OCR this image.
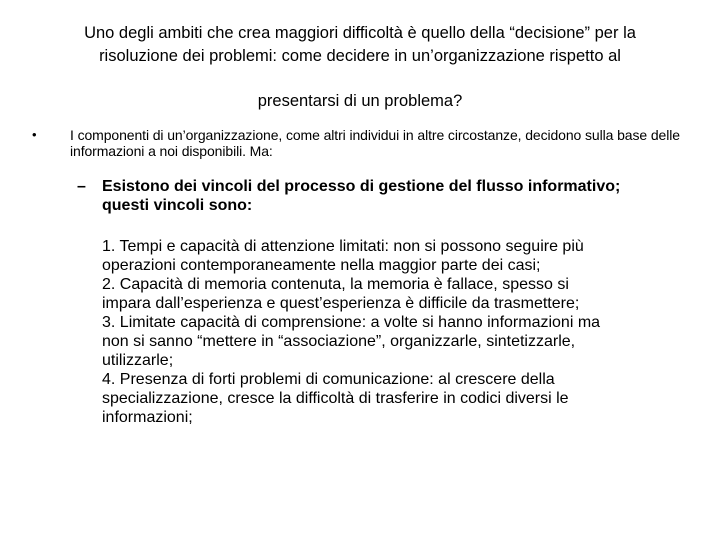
Uno degli ambiti che crea maggiori difficoltà è quello della “decisione” per la
risoluzione dei problemi: come decidere in un’organizzazione rispetto al
presentarsi di un problema?
• I componenti di un’organizzazione, come altri individui in altre circostanze, decidono sulla base delle informazioni a noi disponibili. Ma:
– Esistono dei vincoli del processo di gestione del flusso informativo; questi vincoli sono:
1. Tempi e capacità di attenzione limitati: non si possono seguire più
operazioni contemporaneamente nella maggior parte dei casi;
2. Capacità di memoria contenuta, la memoria è fallace, spesso si
impara dall’esperienza e quest’esperienza è difficile da trasmettere;
3. Limitate capacità di comprensione: a volte si hanno informazioni ma
non si sanno “mettere in “associazione”, organizzarle, sintetizzarle,
utilizzarle;
4. Presenza di forti problemi di comunicazione: al crescere della
specializzazione, cresce la difficoltà di trasferire in codici diversi le
informazioni;
